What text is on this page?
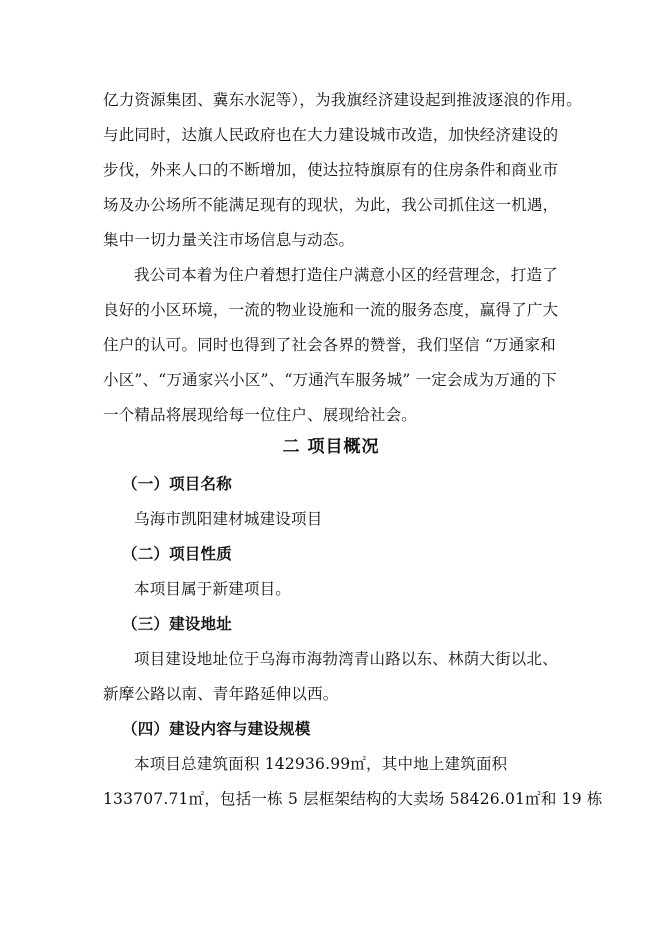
亿力资源集团、冀东水泥等），为我旗经济建设起到推波逐浪的作用。
与此同时，达旗人民政府也在大力建设城市改造，加快经济建设的
步伐，外来人口的不断增加，使达拉特旗原有的住房条件和商业市
场及办公场所不能满足现有的现状，为此，我公司抓住这一机遇，
集中一切力量关注市场信息与动态。
我公司本着为住户着想打造住户满意小区的经营理念，打造了
良好的小区环境，一流的物业设施和一流的服务态度，赢得了广大
住户的认可。同时也得到了社会各界的赞誉，我们坚信 “万通家和
小区”、“万通家兴小区”、“万通汽车服务城” 一定会成为万通的下
一个精品将展现给每一位住户、展现给社会。
二 项目概况
（一）项目名称
乌海市凯阳建材城建设项目
（二）项目性质
本项目属于新建项目。
（三）建设地址
项目建设地址位于乌海市海勃湾青山路以东、林荫大街以北、
新摩公路以南、青年路延伸以西。
（四）建设内容与建设规模
本项目总建筑面积 142936.99㎡，其中地上建筑面积
133707.71㎡，包括一栋 5 层框架结构的大卖场 58426.01㎡和 19 栋
